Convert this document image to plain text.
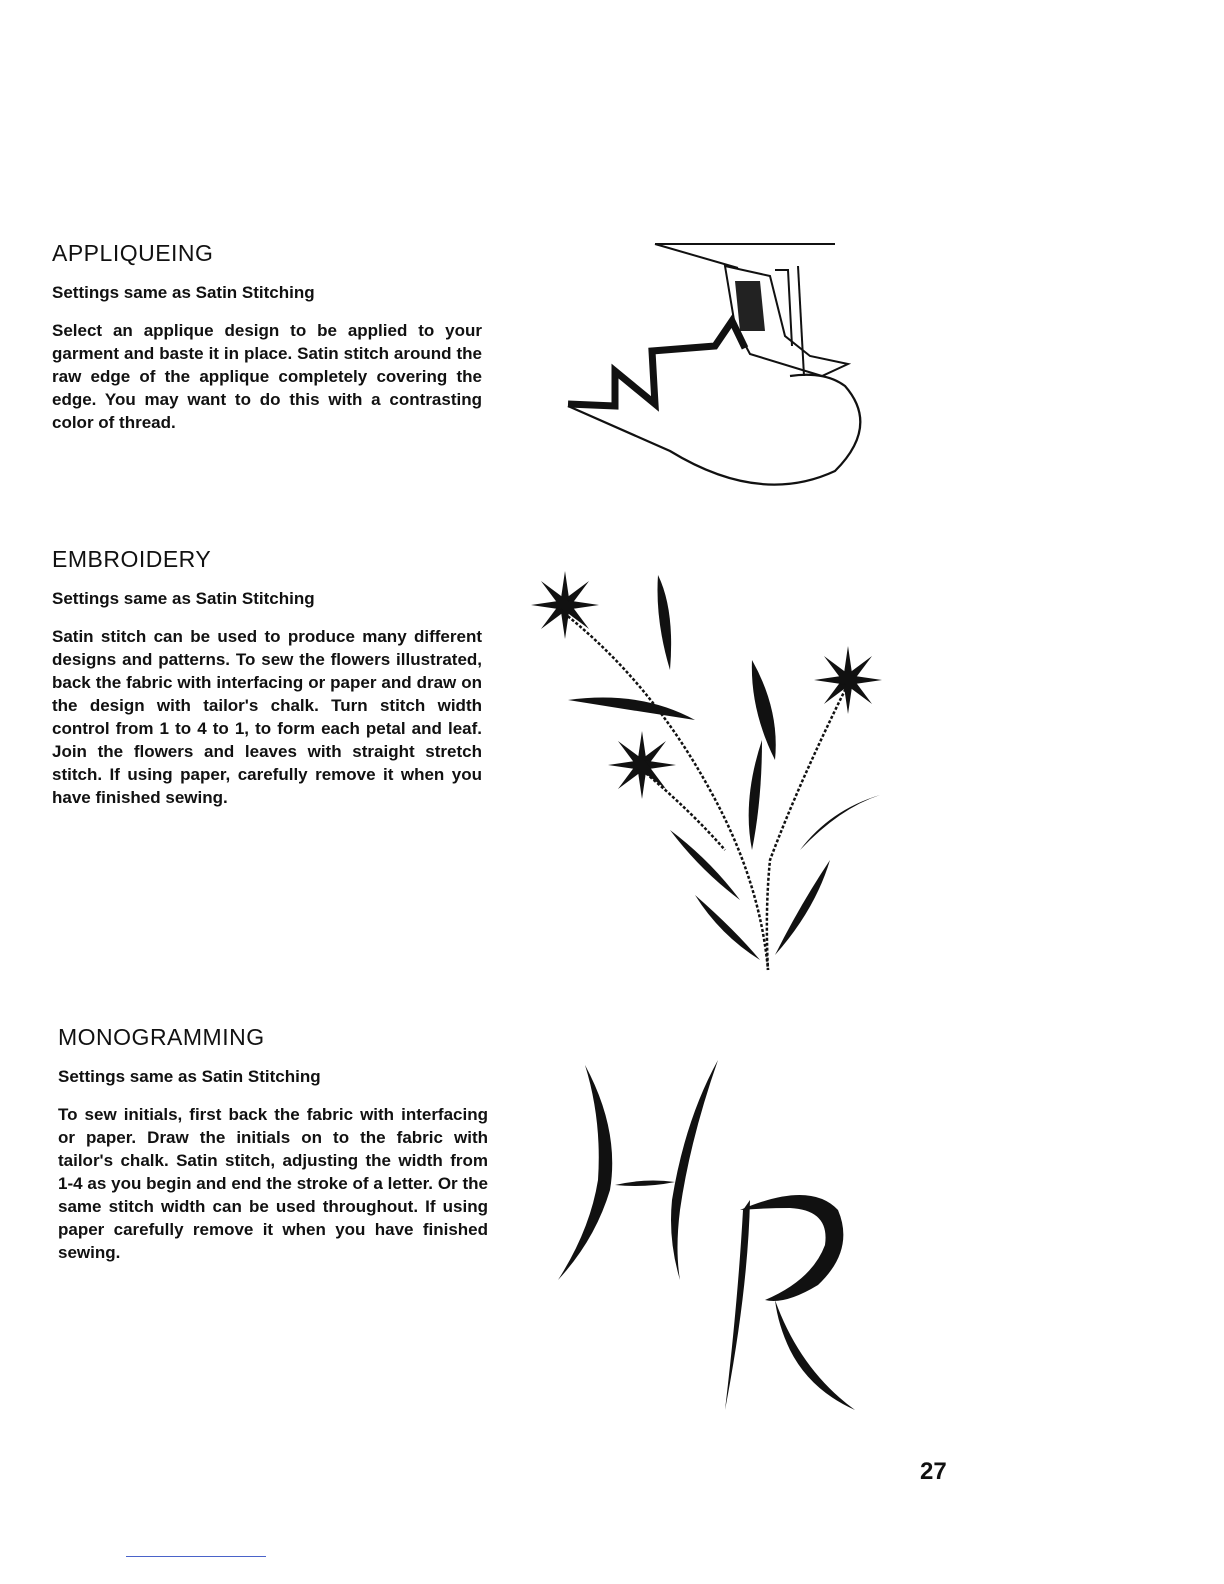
APPLIQUEING

Settings same as Satin Stitching

Select an applique design to be applied to your garment and baste it in place. Satin stitch around the raw edge of the applique completely covering the edge. You may want to do this with a contrasting color of thread.

EMBROIDERY

Settings same as Satin Stitching

Satin stitch can be used to produce many different designs and patterns. To sew the flowers illustrated, back the fabric with interfacing or paper and draw on the design with tailor's chalk. Turn stitch width control from 1 to 4 to 1, to form each petal and leaf. Join the flowers and leaves with straight stretch stitch. If using paper, carefully remove it when you have finished sewing.

MONOGRAMMING

Settings same as Satin Stitching

To sew initials, first back the fabric with interfacing or paper. Draw the initials on to the fabric with tailor's chalk. Satin stitch, adjusting the width from 1-4 as you begin and end the stroke of a letter. Or the same stitch width can be used throughout. If using paper carefully remove it when you have finished sewing.

27
